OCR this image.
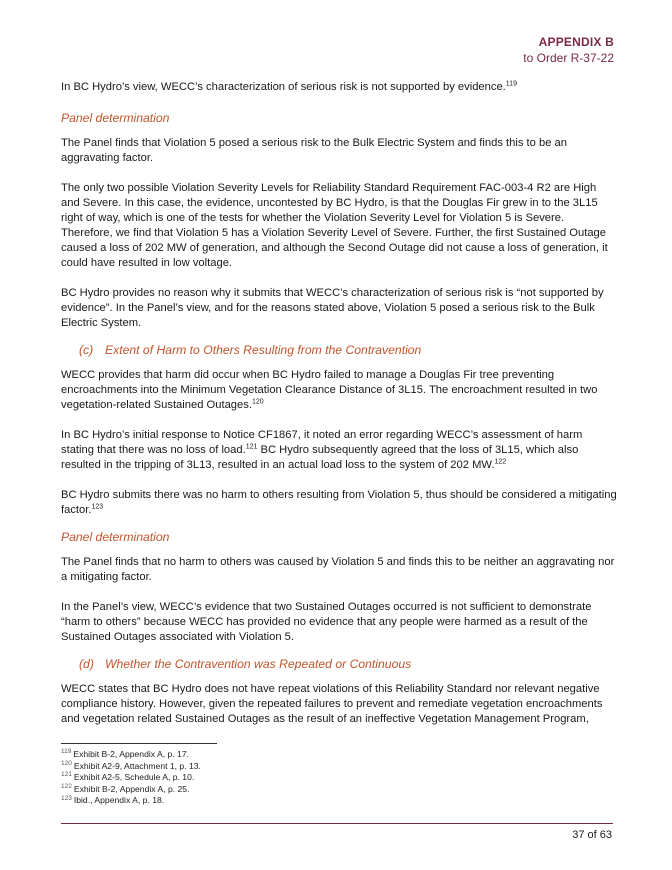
APPENDIX B
to Order R-37-22

In BC Hydro’s view, WECC’s characterization of serious risk is not supported by evidence.$^{119}$

Panel determination

The Panel finds that Violation 5 posed a serious risk to the Bulk Electric System and finds this to be an aggravating factor.

The only two possible Violation Severity Levels for Reliability Standard Requirement FAC-003-4 R2 are High and Severe. In this case, the evidence, uncontested by BC Hydro, is that the Douglas Fir grew in to the 3L15 right of way, which is one of the tests for whether the Violation Severity Level for Violation 5 is Severe. Therefore, we find that Violation 5 has a Violation Severity Level of Severe. Further, the first Sustained Outage caused a loss of 202 MW of generation, and although the Second Outage did not cause a loss of generation, it could have resulted in low voltage.

BC Hydro provides no reason why it submits that WECC’s characterization of serious risk is “not supported by evidence”. In the Panel’s view, and for the reasons stated above, Violation 5 posed a serious risk to the Bulk Electric System.

(c) Extent of Harm to Others Resulting from the Contravention

WECC provides that harm did occur when BC Hydro failed to manage a Douglas Fir tree preventing encroachments into the Minimum Vegetation Clearance Distance of 3L15. The encroachment resulted in two vegetation-related Sustained Outages.$^{120}$

In BC Hydro’s initial response to Notice CF1867, it noted an error regarding WECC’s assessment of harm stating that there was no loss of load.$^{121}$ BC Hydro subsequently agreed that the loss of 3L15, which also resulted in the tripping of 3L13, resulted in an actual load loss to the system of 202 MW.$^{122}$

BC Hydro submits there was no harm to others resulting from Violation 5, thus should be considered a mitigating factor.$^{123}$

Panel determination

The Panel finds that no harm to others was caused by Violation 5 and finds this to be neither an aggravating nor a mitigating factor.

In the Panel’s view, WECC’s evidence that two Sustained Outages occurred is not sufficient to demonstrate “harm to others” because WECC has provided no evidence that any people were harmed as a result of the Sustained Outages associated with Violation 5.

(d) Whether the Contravention was Repeated or Continuous

WECC states that BC Hydro does not have repeat violations of this Reliability Standard nor relevant negative compliance history. However, given the repeated failures to prevent and remediate vegetation encroachments and vegetation related Sustained Outages as the result of an ineffective Vegetation Management Program,

$^{119}$ Exhibit B-2, Appendix A, p. 17.
$^{120}$ Exhibit A2-9, Attachment 1, p. 13.
$^{121}$ Exhibit A2-5, Schedule A, p. 10.
$^{122}$ Exhibit B-2, Appendix A, p. 25.
$^{123}$ Ibid., Appendix A, p. 18.
37 of 63
